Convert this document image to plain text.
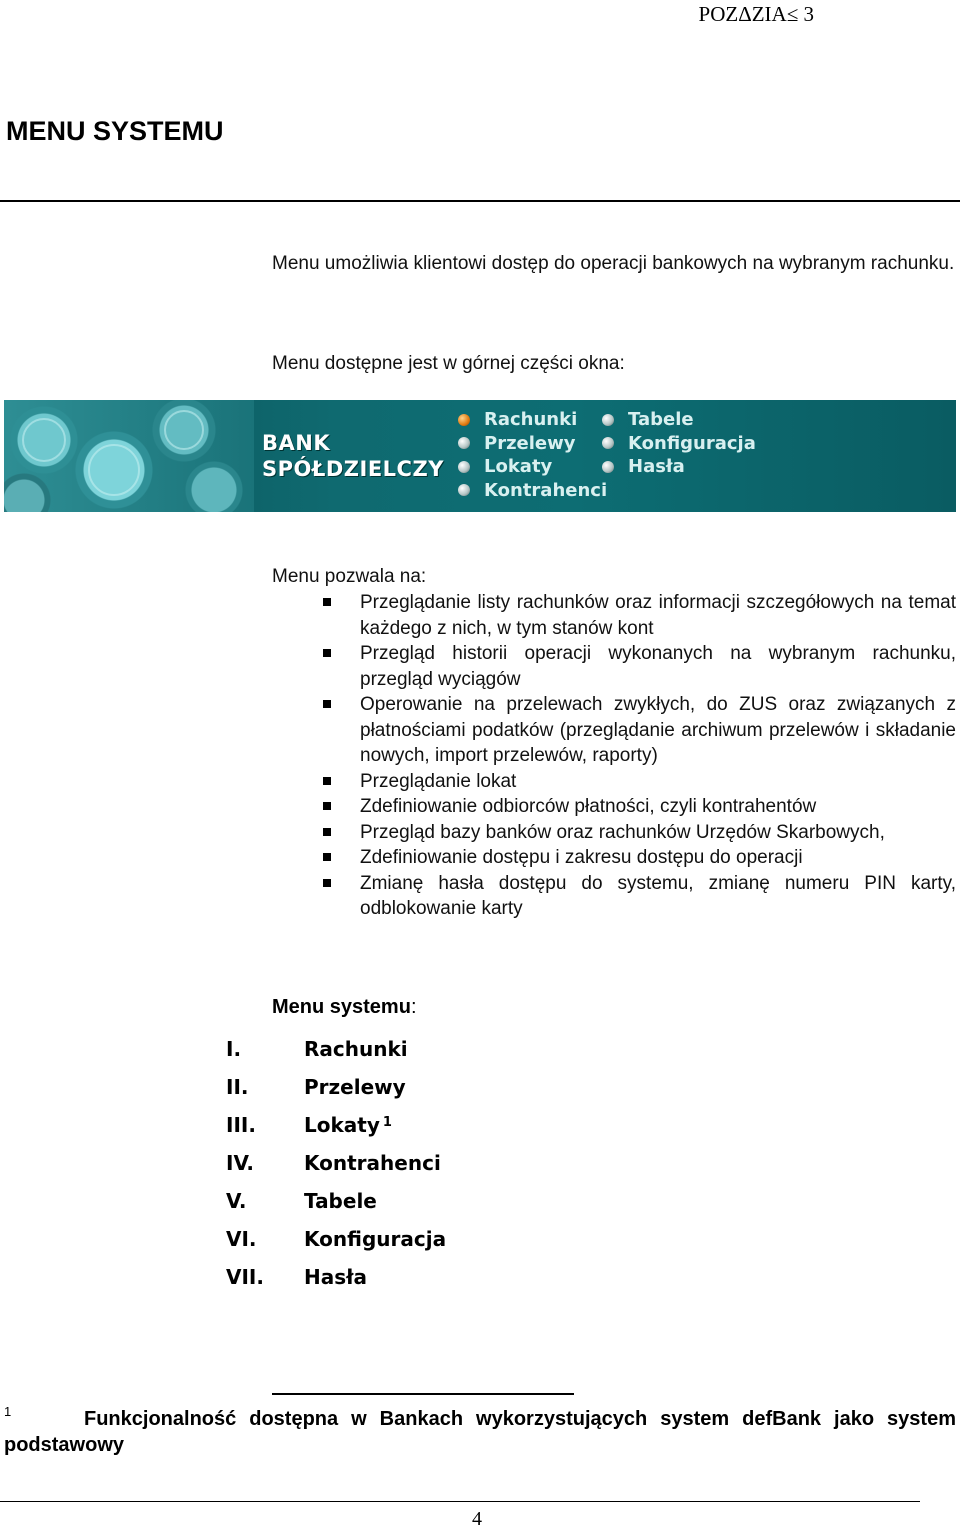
POZΔZIA≤ 3
MENU SYSTEMU

Menu umożliwia klientowi dostęp do operacji bankowych na wybranym rachunku.

Menu dostępne jest w górnej części okna:

BANK
SPÓŁDZIELCZY
Rachunki
Przelewy
Lokaty
Kontrahenci
Tabele
Konfiguracja
Hasła
Menu pozwala na:
Przeglądanie listy rachunków oraz informacji szczegółowych na temat każdego z nich, w tym stanów kont
Przegląd historii operacji wykonanych na wybranym rachunku, przegląd wyciągów
Operowanie na przelewach zwykłych, do ZUS oraz związanych z płatnościami podatków (przeglądanie archiwum przelewów i składanie nowych, import przelewów, raporty)
Przeglądanie lokat
Zdefiniowanie odbiorców płatności, czyli kontrahentów
Przegląd bazy banków oraz rachunków Urzędów Skarbowych,
Zdefiniowanie dostępu i zakresu dostępu do operacji
Zmianę hasła dostępu do systemu, zmianę numeru PIN karty, odblokowanie karty
Menu systemu:
I.	Rachunki
II.	Przelewy
III.	Lokaty$^1$
IV.	Kontrahenci
V.	Tabele
VI.	Konfiguracja
VII.	Hasła
1	Funkcjonalność dostępna w Bankach wykorzystujących system defBank jako system podstawowy

4
